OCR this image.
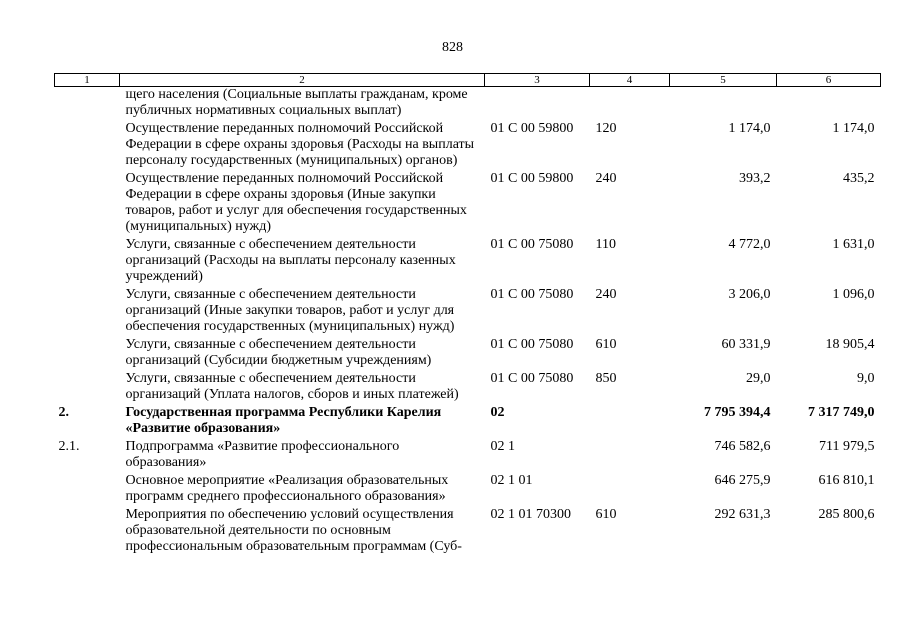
828
1	2	3	4	5	6
	щего населения (Социальные выплаты гражданам, кроме публичных нормативных социальных выплат)				
	Осуществление переданных полномочий Российской Федерации в сфере охраны здоровья (Расходы на выплаты персоналу государственных (муниципальных) органов)	01 С 00 59800	120	1 174,0	1 174,0
	Осуществление переданных полномочий Российской Федерации в сфере охраны здоровья (Иные закупки товаров, работ и услуг для обеспечения государственных (муниципальных) нужд)	01 С 00 59800	240	393,2	435,2
	Услуги, связанные с обеспечением деятельности организаций (Расходы на выплаты персоналу казенных учреждений)	01 С 00 75080	110	4 772,0	1 631,0
	Услуги, связанные с обеспечением деятельности организаций (Иные закупки товаров, работ и услуг для обеспечения государственных (муниципальных) нужд)	01 С 00 75080	240	3 206,0	1 096,0
	Услуги, связанные с обеспечением деятельности организаций (Субсидии бюджетным учреждениям)	01 С 00 75080	610	60 331,9	18 905,4
	Услуги, связанные с обеспечением деятельности организаций (Уплата налогов, сборов и иных платежей)	01 С 00 75080	850	29,0	9,0
2.	Государственная программа Республики Карелия «Развитие образования»	02		7 795 394,4	7 317 749,0
2.1.	Подпрограмма «Развитие профессионального образования»	02 1		746 582,6	711 979,5
	Основное мероприятие «Реализация образовательных программ среднего профессионального образования»	02 1 01		646 275,9	616 810,1
	Мероприятия по обеспечению условий осуществления образовательной деятельности по основным профессиональным образовательным программам (Суб-	02 1 01 70300	610	292 631,3	285 800,6
